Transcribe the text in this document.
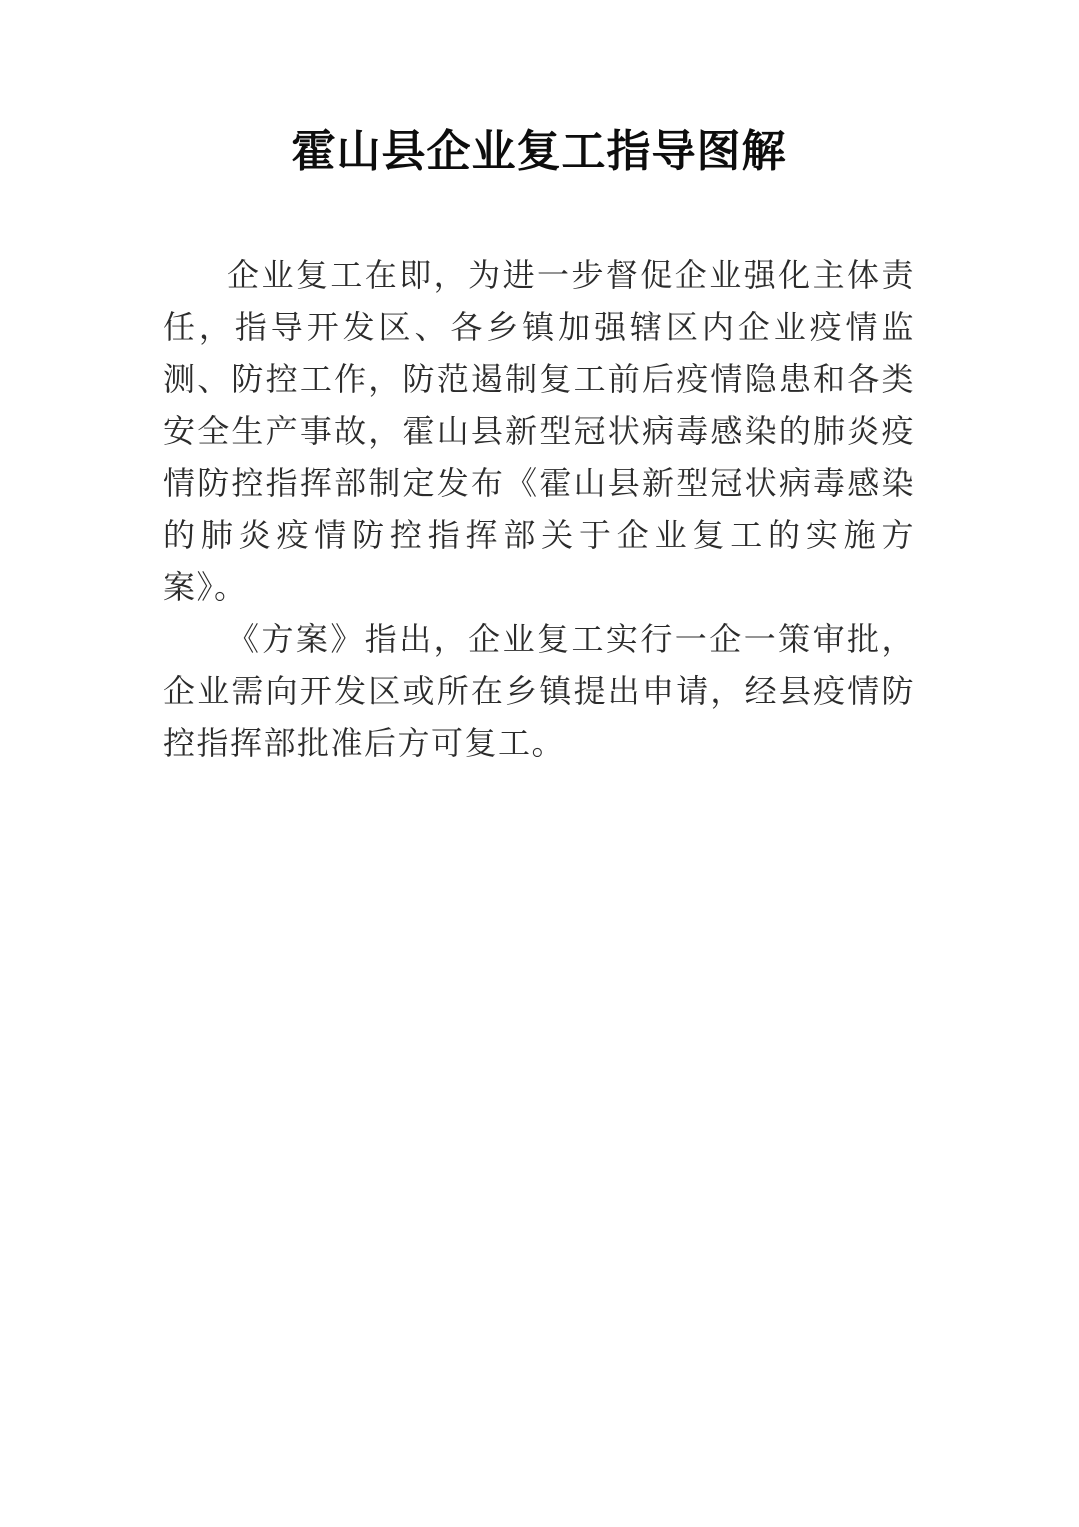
霍山县企业复工指导图解

企业复工在即，为进一步督促企业强化主体责任，指导开发区、各乡镇加强辖区内企业疫情监测、防控工作，防范遏制复工前后疫情隐患和各类安全生产事故，霍山县新型冠状病毒感染的肺炎疫情防控指挥部制定发布《霍山县新型冠状病毒感染的肺炎疫情防控指挥部关于企业复工的实施方案》。

《方案》指出，企业复工实行一企一策审批，企业需向开发区或所在乡镇提出申请，经县疫情防控指挥部批准后方可复工。
